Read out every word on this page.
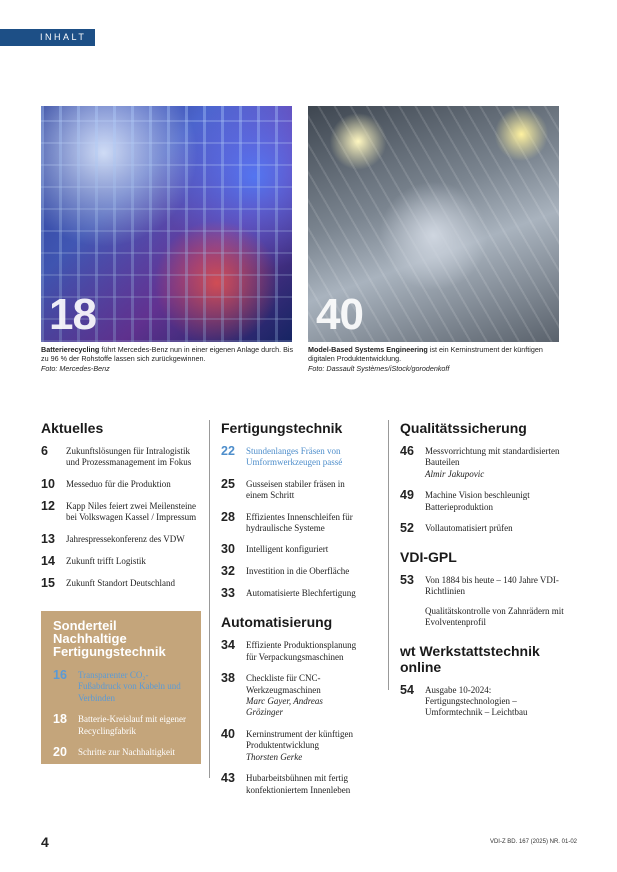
INHALT
18	40
Batterierecycling führt Mercedes-Benz nun in einer eigenen Anlage durch. Bis zu 96 % der Rohstoffe lassen sich zurückgewinnen.
Foto: Mercedes-Benz
Model-Based Systems Engineering ist ein Kerninstrument der künftigen digitalen Produktentwicklung.
Foto: Dassault Systèmes/iStock/gorodenkoff
Aktuelles
6	Zukunftslösungen für Intralogistik und Prozessmanagement im Fokus
10	Messeduo für die Produktion
12	Kapp Niles feiert zwei Meilensteine bei Volkswagen Kassel / Impressum
13	Jahrespressekonferenz des VDW
14	Zukunft trifft Logistik
15	Zukunft Standort Deutschland
Sonderteil
Nachhaltige
Fertigungstechnik
16	Transparenter CO₂-Fußabdruck von Kabeln und Verbinden
18	Batterie-Kreislauf mit eigener Recyclingfabrik
20	Schritte zur Nachhaltigkeit
Fertigungstechnik
22	Stundenlanges Fräsen von Umformwerkzeugen passé
25	Gusseisen stabiler fräsen in einem Schritt
28	Effizientes Innenschleifen für hydraulische Systeme
30	Intelligent konfiguriert
32	Investition in die Oberfläche
33	Automatisierte Blechfertigung
Automatisierung
34	Effiziente Produktionsplanung für Verpackungsmaschinen
38	Checkliste für CNC-Werkzeugmaschinen
Marc Gayer, Andreas Grözinger
40	Kerninstrument der künftigen Produktentwicklung
Thorsten Gerke
43	Hubarbeitsbühnen mit fertig konfektioniertem Innenleben
Qualitätssicherung
46	Messvorrichtung mit standardisierten Bauteilen
Almir Jakupovic
49	Machine Vision beschleunigt Batterieproduktion
52	Vollautomatisiert prüfen
VDI-GPL
53	Von 1884 bis heute – 140 Jahre VDI-Richtlinien
Qualitätskontrolle von Zahnrädern mit Evolventenprofil
wt Werkstattstechnik online
54	Ausgabe 10-2024: Fertigungstechnologien – Umformtechnik – Leichtbau
4	VDI-Z BD. 167 (2025) NR. 01-02
